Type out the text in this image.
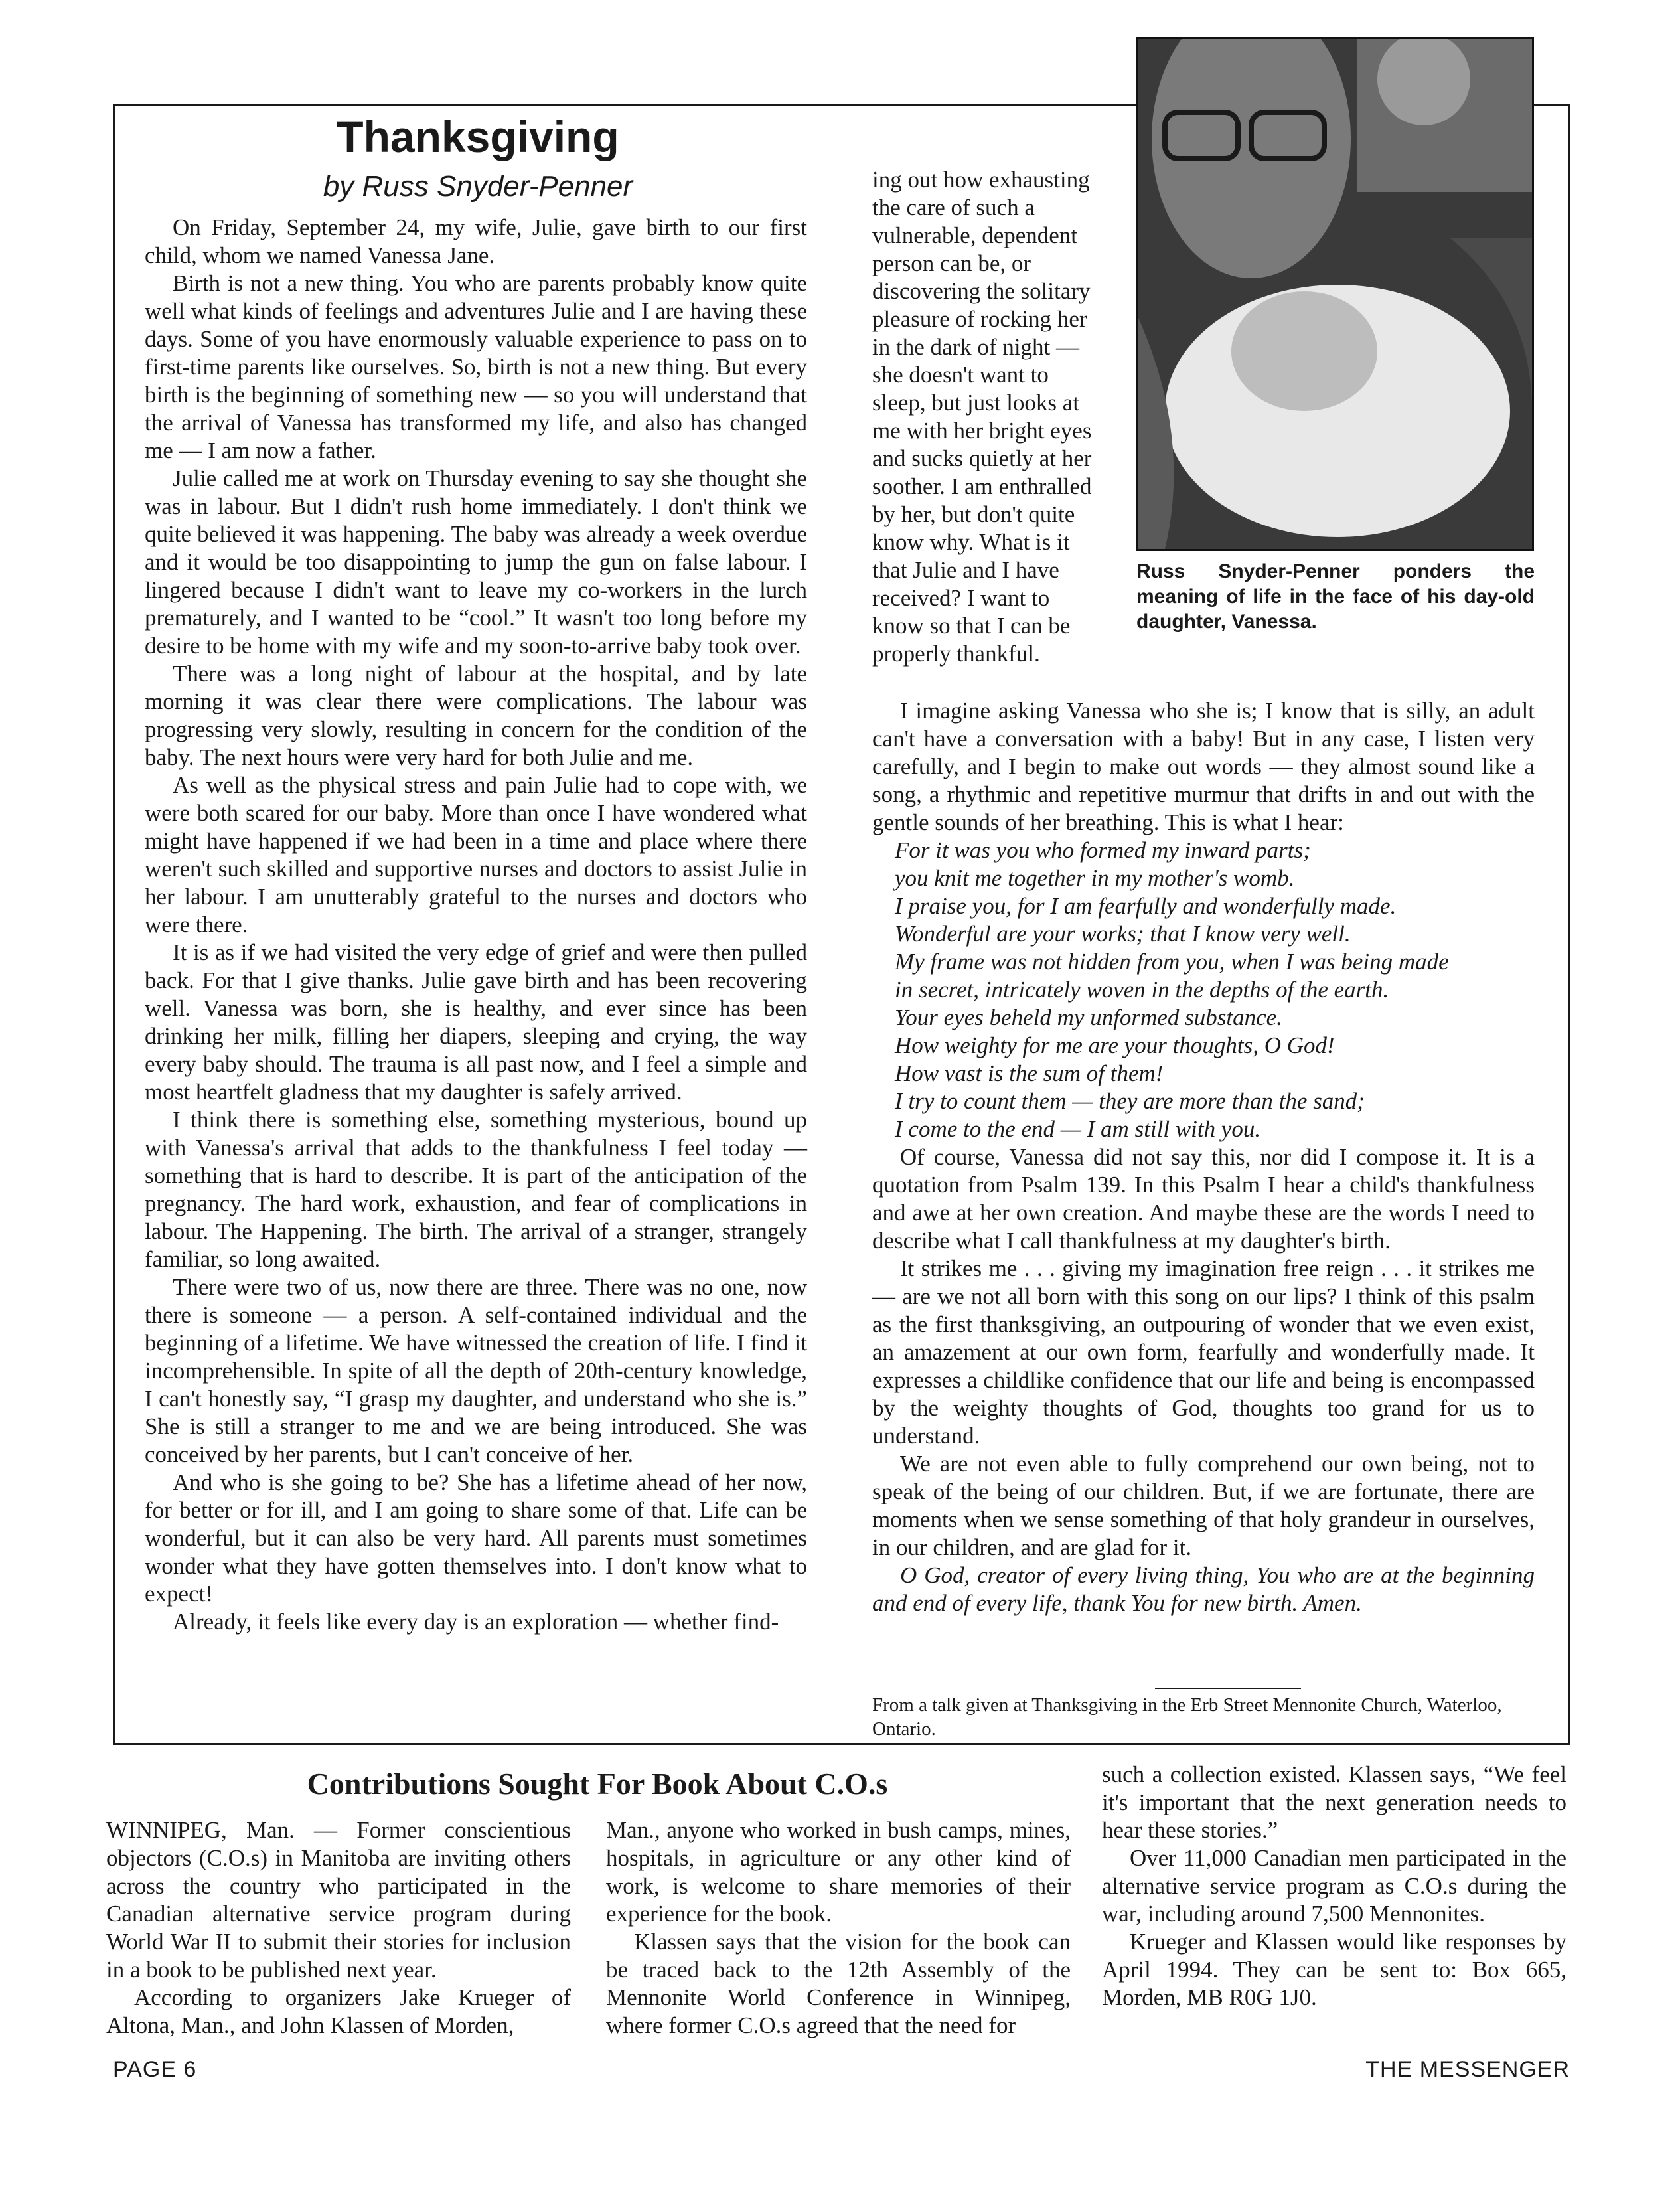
Thanksgiving
by Russ Snyder-Penner

On Friday, September 24, my wife, Julie, gave birth to our first child, whom we named Vanessa Jane.

Birth is not a new thing. You who are parents probably know quite well what kinds of feelings and adventures Julie and I are having these days. Some of you have enormously valuable experience to pass on to first-time parents like ourselves. So, birth is not a new thing. But every birth is the beginning of something new — so you will understand that the arrival of Vanessa has transformed my life, and also has changed me — I am now a father.

Julie called me at work on Thursday evening to say she thought she was in labour. But I didn't rush home immediately. I don't think we quite believed it was happening. The baby was already a week overdue and it would be too disappointing to jump the gun on false labour. I lingered because I didn't want to leave my co-workers in the lurch prematurely, and I wanted to be “cool.” It wasn't too long before my desire to be home with my wife and my soon-to-arrive baby took over.

There was a long night of labour at the hospital, and by late morning it was clear there were complications. The labour was progressing very slowly, resulting in concern for the condition of the baby. The next hours were very hard for both Julie and me.

As well as the physical stress and pain Julie had to cope with, we were both scared for our baby. More than once I have wondered what might have happened if we had been in a time and place where there weren't such skilled and supportive nurses and doctors to assist Julie in her labour. I am unutterably grateful to the nurses and doctors who were there.

It is as if we had visited the very edge of grief and were then pulled back. For that I give thanks. Julie gave birth and has been recovering well. Vanessa was born, she is healthy, and ever since has been drinking her milk, filling her diapers, sleeping and crying, the way every baby should. The trauma is all past now, and I feel a simple and most heartfelt gladness that my daughter is safely arrived.

I think there is something else, something mysterious, bound up with Vanessa's arrival that adds to the thankfulness I feel today — something that is hard to describe. It is part of the anticipation of the pregnancy. The hard work, exhaustion, and fear of complications in labour. The Happening. The birth. The arrival of a stranger, strangely familiar, so long awaited.

There were two of us, now there are three. There was no one, now there is someone — a person. A self-contained individual and the beginning of a lifetime. We have witnessed the creation of life. I find it incomprehensible. In spite of all the depth of 20th-century knowledge, I can't honestly say, “I grasp my daughter, and understand who she is.” She is still a stranger to me and we are being introduced. She was conceived by her parents, but I can't conceive of her.

And who is she going to be? She has a lifetime ahead of her now, for better or for ill, and I am going to share some of that. Life can be wonderful, but it can also be very hard. All parents must sometimes wonder what they have gotten themselves into. I don't know what to expect!

Already, it feels like every day is an exploration — whether find-

ing out how exhausting the care of such a vulnerable, dependent person can be, or discovering the solitary pleasure of rocking her in the dark of night — she doesn't want to sleep, but just looks at me with her bright eyes and sucks quietly at her soother. I am enthralled by her, but don't quite know why. What is it that Julie and I have received? I want to know so that I can be properly thankful.

Russ Snyder-Penner ponders the meaning of life in the face of his day-old daughter, Vanessa.

I imagine asking Vanessa who she is; I know that is silly, an adult can't have a conversation with a baby! But in any case, I listen very carefully, and I begin to make out words — they almost sound like a song, a rhythmic and repetitive murmur that drifts in and out with the gentle sounds of her breathing. This is what I hear:

For it was you who formed my inward parts;
you knit me together in my mother's womb.
I praise you, for I am fearfully and wonderfully made.
Wonderful are your works; that I know very well.
My frame was not hidden from you, when I was being made
in secret, intricately woven in the depths of the earth.
Your eyes beheld my unformed substance.
How weighty for me are your thoughts, O God!
How vast is the sum of them!
I try to count them — they are more than the sand;
I come to the end — I am still with you.

Of course, Vanessa did not say this, nor did I compose it. It is a quotation from Psalm 139. In this Psalm I hear a child's thankfulness and awe at her own creation. And maybe these are the words I need to describe what I call thankfulness at my daughter's birth.

It strikes me . . . giving my imagination free reign . . . it strikes me — are we not all born with this song on our lips? I think of this psalm as the first thanksgiving, an outpouring of wonder that we even exist, an amazement at our own form, fearfully and wonderfully made. It expresses a childlike confidence that our life and being is encompassed by the weighty thoughts of God, thoughts too grand for us to understand.

We are not even able to fully comprehend our own being, not to speak of the being of our children. But, if we are fortunate, there are moments when we sense something of that holy grandeur in ourselves, in our children, and are glad for it.

O God, creator of every living thing, You who are at the beginning and end of every life, thank You for new birth. Amen.

From a talk given at Thanksgiving in the Erb Street Mennonite Church, Waterloo, Ontario.
Contributions Sought For Book About C.O.s

WINNIPEG, Man. — Former conscientious objectors (C.O.s) in Manitoba are inviting others across the country who participated in the Canadian alternative service program during World War II to submit their stories for inclusion in a book to be published next year.

According to organizers Jake Krueger of Altona, Man., and John Klassen of Morden,

Man., anyone who worked in bush camps, mines, hospitals, in agriculture or any other kind of work, is welcome to share memories of their experience for the book.

Klassen says that the vision for the book can be traced back to the 12th Assembly of the Mennonite World Conference in Winnipeg, where former C.O.s agreed that the need for

such a collection existed. Klassen says, “We feel it's important that the next generation needs to hear these stories.”

Over 11,000 Canadian men participated in the alternative service program as C.O.s during the war, including around 7,500 Mennonites.

Krueger and Klassen would like responses by April 1994. They can be sent to: Box 665, Morden, MB R0G 1J0.

PAGE 6	THE MESSENGER
